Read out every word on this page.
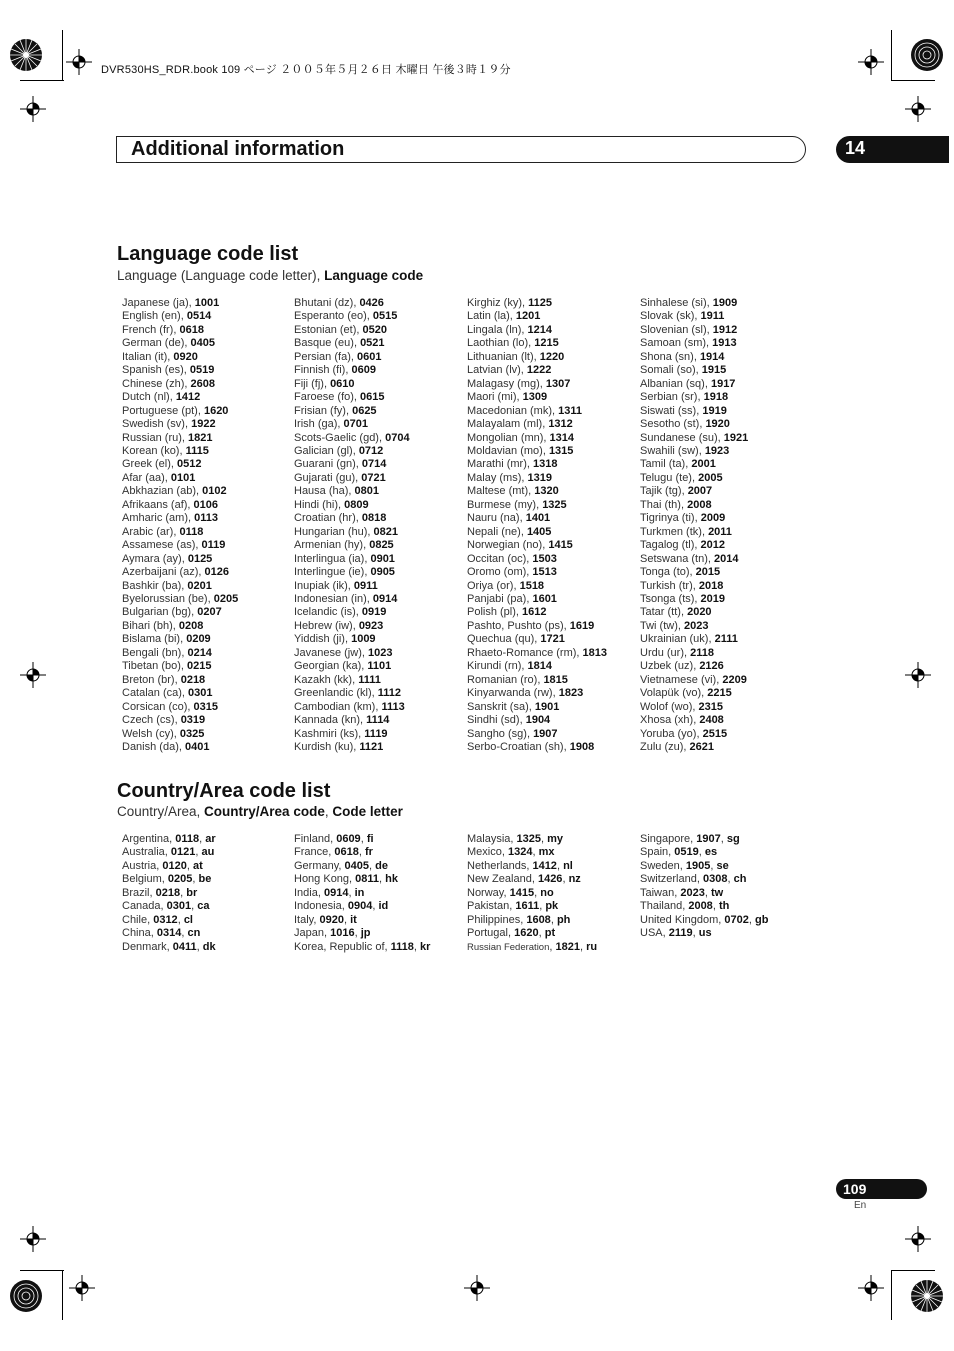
DVR530HS_RDR.book 109 ページ ２００５年５月２６日 木曜日 午後３時１９分
Additional information	14
Language code list
Language (Language code letter), Language code
Japanese (ja), 1001
English (en), 0514
French (fr), 0618
German (de), 0405
Italian (it), 0920
Spanish (es), 0519
Chinese (zh), 2608
Dutch (nl), 1412
Portuguese (pt), 1620
Swedish (sv), 1922
Russian (ru), 1821
Korean (ko), 1115
Greek (el), 0512
Afar (aa), 0101
Abkhazian (ab), 0102
Afrikaans (af), 0106
Amharic (am), 0113
Arabic (ar), 0118
Assamese (as), 0119
Aymara (ay), 0125
Azerbaijani (az), 0126
Bashkir (ba), 0201
Byelorussian (be), 0205
Bulgarian (bg), 0207
Bihari (bh), 0208
Bislama (bi), 0209
Bengali (bn), 0214
Tibetan (bo), 0215
Breton (br), 0218
Catalan (ca), 0301
Corsican (co), 0315
Czech (cs), 0319
Welsh (cy), 0325
Danish (da), 0401
Bhutani (dz), 0426
Esperanto (eo), 0515
Estonian (et), 0520
Basque (eu), 0521
Persian (fa), 0601
Finnish (fi), 0609
Fiji (fj), 0610
Faroese (fo), 0615
Frisian (fy), 0625
Irish (ga), 0701
Scots-Gaelic (gd), 0704
Galician (gl), 0712
Guarani (gn), 0714
Gujarati (gu), 0721
Hausa (ha), 0801
Hindi (hi), 0809
Croatian (hr), 0818
Hungarian (hu), 0821
Armenian (hy), 0825
Interlingua (ia), 0901
Interlingue (ie), 0905
Inupiak (ik), 0911
Indonesian (in), 0914
Icelandic (is), 0919
Hebrew (iw), 0923
Yiddish (ji), 1009
Javanese (jw), 1023
Georgian (ka), 1101
Kazakh (kk), 1111
Greenlandic (kl), 1112
Cambodian (km), 1113
Kannada (kn), 1114
Kashmiri (ks), 1119
Kurdish (ku), 1121
Kirghiz (ky), 1125
Latin (la), 1201
Lingala (ln), 1214
Laothian (lo), 1215
Lithuanian (lt), 1220
Latvian (lv), 1222
Malagasy (mg), 1307
Maori (mi), 1309
Macedonian (mk), 1311
Malayalam (ml), 1312
Mongolian (mn), 1314
Moldavian (mo), 1315
Marathi (mr), 1318
Malay (ms), 1319
Maltese (mt), 1320
Burmese (my), 1325
Nauru (na), 1401
Nepali (ne), 1405
Norwegian (no), 1415
Occitan (oc), 1503
Oromo (om), 1513
Oriya (or), 1518
Panjabi (pa), 1601
Polish (pl), 1612
Pashto, Pushto (ps), 1619
Quechua (qu), 1721
Rhaeto-Romance (rm), 1813
Kirundi (rn), 1814
Romanian (ro), 1815
Kinyarwanda (rw), 1823
Sanskrit (sa), 1901
Sindhi (sd), 1904
Sangho (sg), 1907
Serbo-Croatian (sh), 1908
Sinhalese (si), 1909
Slovak (sk), 1911
Slovenian (sl), 1912
Samoan (sm), 1913
Shona (sn), 1914
Somali (so), 1915
Albanian (sq), 1917
Serbian (sr), 1918
Siswati (ss), 1919
Sesotho (st), 1920
Sundanese (su), 1921
Swahili (sw), 1923
Tamil (ta), 2001
Telugu (te), 2005
Tajik (tg), 2007
Thai (th), 2008
Tigrinya (ti), 2009
Turkmen (tk), 2011
Tagalog (tl), 2012
Setswana (tn), 2014
Tonga (to), 2015
Turkish (tr), 2018
Tsonga (ts), 2019
Tatar (tt), 2020
Twi (tw), 2023
Ukrainian (uk), 2111
Urdu (ur), 2118
Uzbek (uz), 2126
Vietnamese (vi), 2209
Volapük (vo), 2215
Wolof (wo), 2315
Xhosa (xh), 2408
Yoruba (yo), 2515
Zulu (zu), 2621
Country/Area code list
Country/Area, Country/Area code, Code letter
Argentina, 0118, ar
Australia, 0121, au
Austria, 0120, at
Belgium, 0205, be
Brazil, 0218, br
Canada, 0301, ca
Chile, 0312, cl
China, 0314, cn
Denmark, 0411, dk
Finland, 0609, fi
France, 0618, fr
Germany, 0405, de
Hong Kong, 0811, hk
India, 0914, in
Indonesia, 0904, id
Italy, 0920, it
Japan, 1016, jp
Korea, Republic of, 1118, kr
Malaysia, 1325, my
Mexico, 1324, mx
Netherlands, 1412, nl
New Zealand, 1426, nz
Norway, 1415, no
Pakistan, 1611, pk
Philippines, 1608, ph
Portugal, 1620, pt
Russian Federation, 1821, ru
Singapore, 1907, sg
Spain, 0519, es
Sweden, 1905, se
Switzerland, 0308, ch
Taiwan, 2023, tw
Thailand, 2008, th
United Kingdom, 0702, gb
USA, 2119, us
109
En
